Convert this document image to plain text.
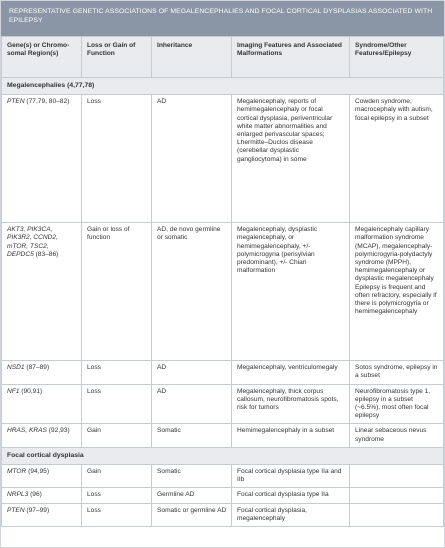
REPRESENTATIVE GENETIC ASSOCIATIONS OF MEGALENCEPHALIES AND FOCAL CORTICAL DYSPLASIAS ASSOCIATED WITH EPILEPSY
Gene(s) or Chromo-somal Region(s)	Loss or Gain of Function	Inheritance	Imaging Features and Associated Malformations	Syndrome/Other Features/Epilepsy
Megalencephalies (4,77,78)				
PTEN (77,79, 80–82)	Loss	AD	Megalencephaly, reports of hemimegalencephaly or focal cortical dysplasia, periventricular white matter abnormalities and enlarged perivascular spaces; Lhermitte–Duclos disease (cerebellar dysplastic gangliocytoma) in some	Cowden syndrome, macrocephaly with autism, focal epilepsy in a subset
AKT3, PIK3CA, PIK3R2, CCND2, mTOR, TSC2, DEPDC5 (83–86)	Gain or loss of function	AD, de novo germline or somatic	Megalencephaly, dysplastic megalencephaly, or hemimegalencephaly, +/- polymicrogyria (perisylvian predominant), +/- Chiari malformation	Megalencephaly capillary malformation syndrome (MCAP), megalencephaly-polymicrogyria-polydactyly syndrome (MPPH), hemimegalencephaly or dysplastic megalencephaly Epilepsy is frequent and often refractory, especially if there is polymicrogyria or hemimegalencephaly
NSD1 (87–89)	Loss	AD	Megalencephaly, ventriculomegaly	Sotos syndrome, epilepsy in a subset
NF1 (90,91)	Loss	AD	Megalencephaly, thick corpus callosum, neurofibromatosis spots, risk for tumors	Neurofibromatosis type 1, epilepsy in a subset (~6.5%), most often focal epilepsy
HRAS, KRAS (92,93)	Gain	Somatic	Hemimegalencephaly in a subset	Linear sebaceous nevus syndrome
Focal cortical dysplasia				
MTOR (94,95)	Gain	Somatic	Focal cortical dysplasia type IIa and IIb	
NRPL3 (96)	Loss	Germline AD	Focal cortical dysplasia type IIa	
PTEN (97–99)	Loss	Somatic or germline AD	Focal cortical dysplasia, megalencephaly	
